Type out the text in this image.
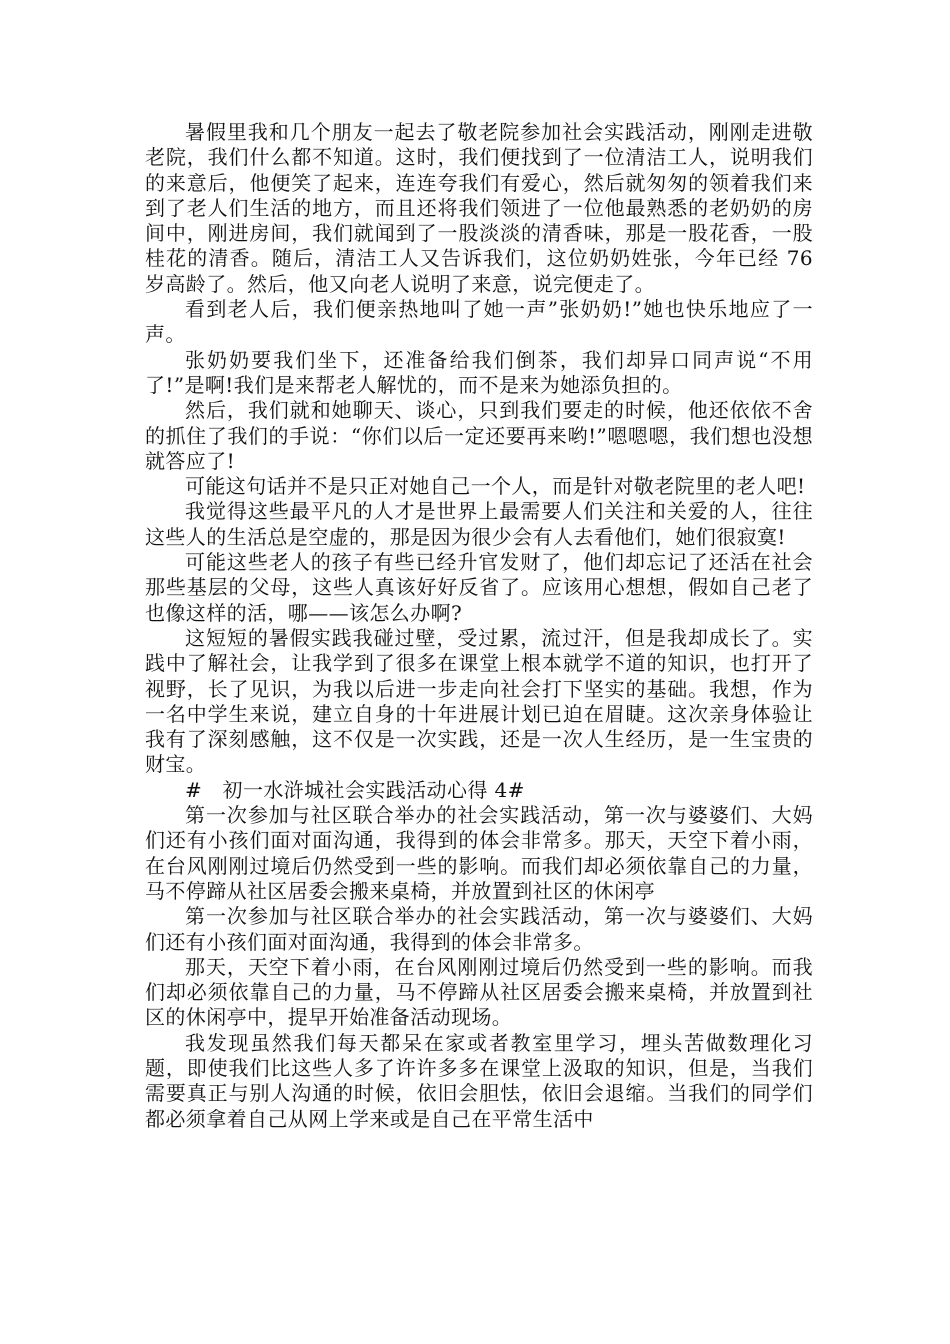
暑假里我和几个朋友一起去了敬老院参加社会实践活动，刚刚走进敬老院，我们什么都不知道。这时，我们便找到了一位清洁工人，说明我们的来意后，他便笑了起来，连连夸我们有爱心，然后就匆匆的领着我们来到了老人们生活的地方，而且还将我们领进了一位他最熟悉的老奶奶的房间中，刚进房间，我们就闻到了一股淡淡的清香味，那是一股花香，一股桂花的清香。随后，清洁工人又告诉我们，这位奶奶姓张，今年已经 76 岁高龄了。然后，他又向老人说明了来意，说完便走了。

看到老人后，我们便亲热地叫了她一声”张奶奶!”她也快乐地应了一声。

张奶奶要我们坐下，还准备给我们倒茶，我们却异口同声说“不用了!”是啊!我们是来帮老人解忧的，而不是来为她添负担的。

然后，我们就和她聊天、谈心，只到我们要走的时候，他还依依不舍的抓住了我们的手说：“你们以后一定还要再来哟!”嗯嗯嗯，我们想也没想就答应了!

可能这句话并不是只正对她自己一个人，而是针对敬老院里的老人吧!

我觉得这些最平凡的人才是世界上最需要人们关注和关爱的人，往往这些人的生活总是空虚的，那是因为很少会有人去看他们，她们很寂寞!

可能这些老人的孩子有些已经升官发财了，他们却忘记了还活在社会那些基层的父母，这些人真该好好反省了。应该用心想想，假如自己老了也像这样的活，哪——该怎么办啊?

这短短的暑假实践我碰过壁，受过累，流过汗，但是我却成长了。实践中了解社会，让我学到了很多在课堂上根本就学不道的知识，也打开了视野，长了见识，为我以后进一步走向社会打下坚实的基础。我想，作为一名中学生来说，建立自身的十年进展计划已迫在眉睫。这次亲身体验让我有了深刻感触，这不仅是一次实践，还是一次人生经历，是一生宝贵的财宝。

#　初一水浒城社会实践活动心得 4#

第一次参加与社区联合举办的社会实践活动，第一次与婆婆们、大妈们还有小孩们面对面沟通，我得到的体会非常多。那天，天空下着小雨，在台风刚刚过境后仍然受到一些的影响。而我们却必须依靠自己的力量，马不停蹄从社区居委会搬来桌椅，并放置到社区的休闲亭

第一次参加与社区联合举办的社会实践活动，第一次与婆婆们、大妈们还有小孩们面对面沟通，我得到的体会非常多。

那天，天空下着小雨，在台风刚刚过境后仍然受到一些的影响。而我们却必须依靠自己的力量，马不停蹄从社区居委会搬来桌椅，并放置到社区的休闲亭中，提早开始准备活动现场。

我发现虽然我们每天都呆在家或者教室里学习，埋头苦做数理化习题，即使我们比这些人多了许许多多在课堂上汲取的知识，但是，当我们需要真正与别人沟通的时候，依旧会胆怯，依旧会退缩。当我们的同学们都必须拿着自己从网上学来或是自己在平常生活中
